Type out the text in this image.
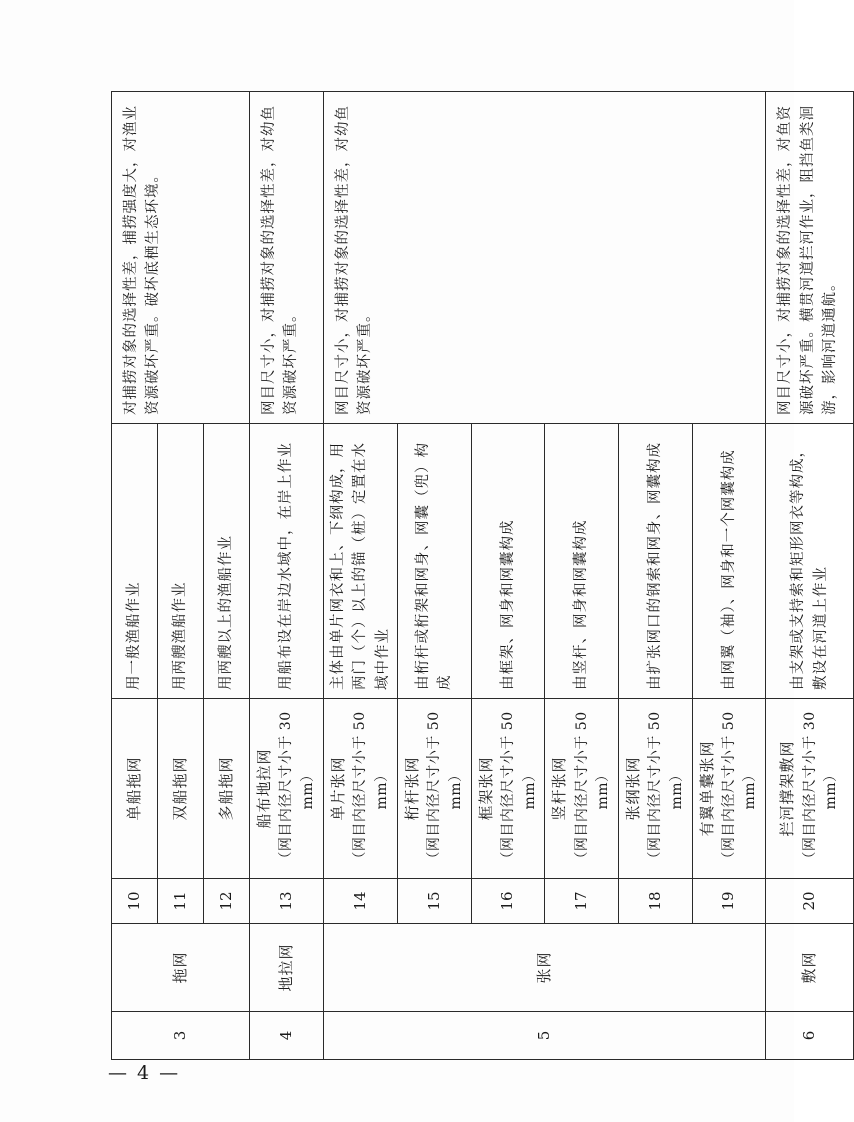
3	拖网	10	单船拖网	用一般渔船作业	对捕捞对象的选择性差，捕捞强度大，对渔业资源破坏严重。破坏底栖生态环境。
		11	双船拖网	用两艘渔船作业	
		12	多船拖网	用两艘以上的渔船作业	
4	地拉网	13	船布地拉网 （网目内径尺寸小于 30 mm）	用船布设在岸边水域中，在岸上作业	网目尺寸小，对捕捞对象的选择性差，对幼鱼资源破坏严重。
5	张网	14	单片张网 （网目内径尺寸小于 50 mm）	主体由单片网衣和上、下纲构成，用两门（个）以上的锚（桩）定置在水域中作业	网目尺寸小，对捕捞对象的选择性差，对幼鱼资源破坏严重。
		15	桁杆张网 （网目内径尺寸小于 50 mm）	由桁杆或桁架和网身、网囊（兜）构成	
		16	框架张网 （网目内径尺寸小于 50 mm）	由框架、网身和网囊构成	
		17	竖杆张网 （网目内径尺寸小于 50 mm）	由竖杆、网身和网囊构成	
		18	张纲张网 （网目内径尺寸小于 50 mm）	由扩张网口的钢索和网身、网囊构成	
		19	有翼单囊张网 （网目内径尺寸小于 50 mm）	由网翼（袖）、网身和一个网囊构成	
6	敷网	20	拦河撑架敷网 （网目内径尺寸小于 30 mm）	由支架或支持索和矩形网衣等构成，敷设在河道上作业	网目尺寸小，对捕捞对象的选择性差，对鱼资源破坏严重。横贯河道拦河作业，阻挡鱼类洄游，影响河道通航。
— 4 —
